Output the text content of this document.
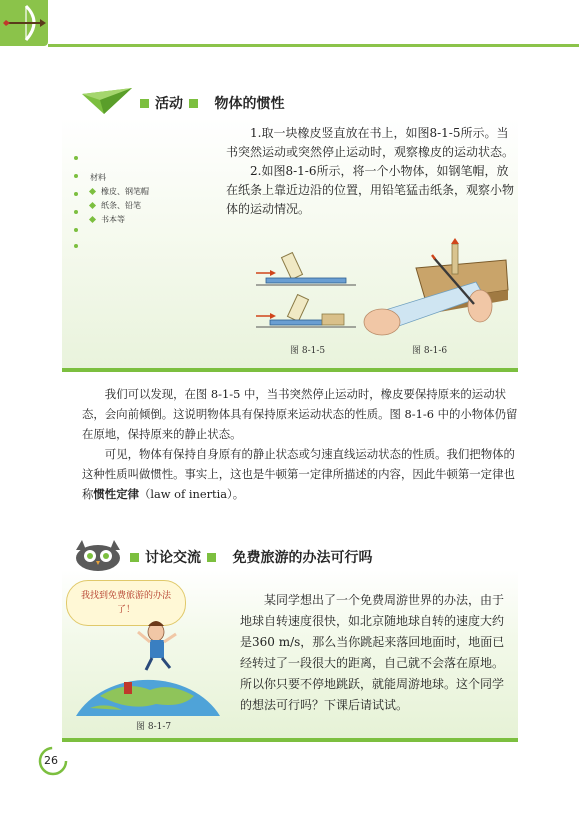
活动 物体的惯性
材料
橡皮、钢笔帽
纸条、铅笔
书本等
1.取一块橡皮竖直放在书上，如图8-1-5所示。当书突然运动或突然停止运动时，观察橡皮的运动状态。
2.如图8-1-6所示，将一个小物体，如钢笔帽，放在纸条上靠近边沿的位置，用铅笔猛击纸条，观察小物体的运动情况。
图 8-1-5	图 8-1-6

我们可以发现，在图 8-1-5 中，当书突然停止运动时，橡皮要保持原来的运动状态，会向前倾倒。这说明物体具有保持原来运动状态的性质。图 8-1-6 中的小物体仍留在原地，保持原来的静止状态。

可见，物体有保持自身原有的静止状态或匀速直线运动状态的性质。我们把物体的这种性质叫做惯性。事实上，这也是牛顿第一定律所描述的内容，因此牛顿第一定律也称惯性定律（law of inertia）。

讨论交流 免费旅游的办法可行吗
我找到免费旅游的办法了！
图 8-1-7
某同学想出了一个免费周游世界的办法，由于地球自转速度很快，如北京随地球自转的速度大约是360 m/s，那么当你跳起来落回地面时，地面已经转过了一段很大的距离，自己就不会落在原地。所以你只要不停地跳跃，就能周游地球。这个同学的想法可行吗？下课后请试试。
26
